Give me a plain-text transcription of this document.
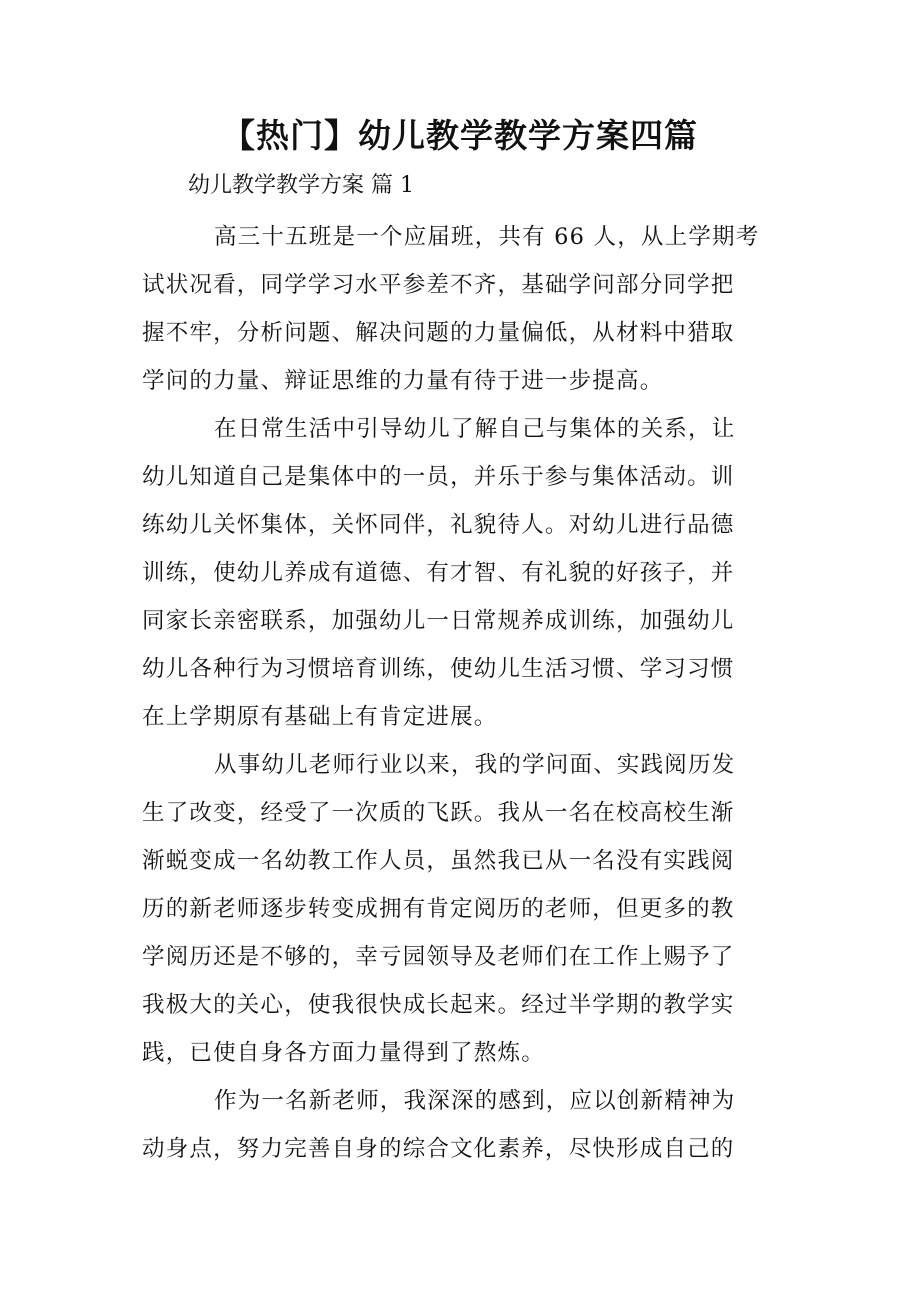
【热门】幼儿教学教学方案四篇

幼儿教学教学方案 篇 1

高三十五班是一个应届班，共有 66 人，从上学期考

试状况看，同学学习水平参差不齐，基础学问部分同学把

握不牢，分析问题、解决问题的力量偏低，从材料中猎取

学问的力量、辩证思维的力量有待于进一步提高。

在日常生活中引导幼儿了解自己与集体的关系，让

幼儿知道自己是集体中的一员，并乐于参与集体活动。训

练幼儿关怀集体，关怀同伴，礼貌待人。对幼儿进行品德

训练，使幼儿养成有道德、有才智、有礼貌的好孩子，并

同家长亲密联系，加强幼儿一日常规养成训练，加强幼儿

幼儿各种行为习惯培育训练，使幼儿生活习惯、学习习惯

在上学期原有基础上有肯定进展。

从事幼儿老师行业以来，我的学问面、实践阅历发

生了改变，经受了一次质的飞跃。我从一名在校高校生渐

渐蜕变成一名幼教工作人员，虽然我已从一名没有实践阅

历的新老师逐步转变成拥有肯定阅历的老师，但更多的教

学阅历还是不够的，幸亏园领导及老师们在工作上赐予了

我极大的关心，使我很快成长起来。经过半学期的教学实

践，已使自身各方面力量得到了熬炼。

作为一名新老师，我深深的感到，应以创新精神为

动身点，努力完善自身的综合文化素养，尽快形成自己的
